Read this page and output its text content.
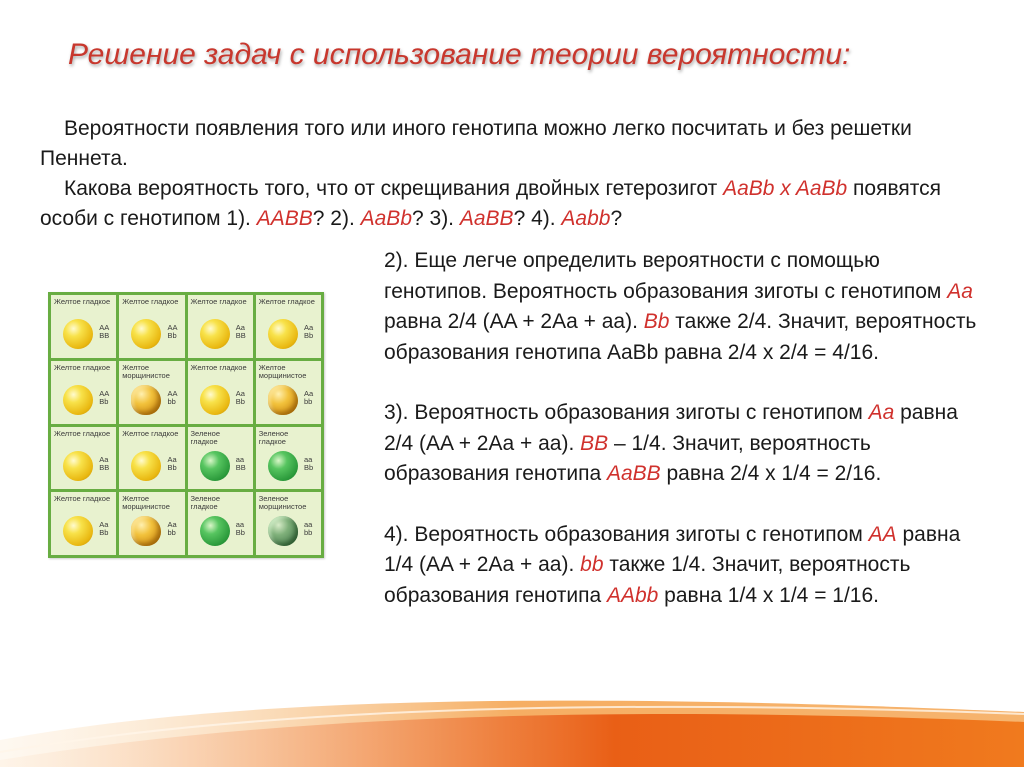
Решение задач с использование теории вероятности:

Вероятности появления того или иного генотипа можно легко посчитать и без решетки Пеннета.

Какова вероятность того, что от скрещивания двойных гетерозигот AaBb x AaBb появятся особи с генотипом 1). AABB? 2). AaBb? 3). AaBB? 4). Aabb?

Желтое гладкое
AA
BB
Желтое гладкое
AA
Bb
Желтое гладкое
Aa
BB
Желтое гладкое
Aa
Bb
Желтое гладкое
AA
Bb
Желтое морщинистое
AA
bb
Желтое гладкое
Aa
Bb
Желтое морщинистое
Aa
bb
Желтое гладкое
Aa
BB
Желтое гладкое
Aa
Bb
Зеленое гладкое
aa
BB
Зеленое гладкое
aa
Bb
Желтое гладкое
Aa
Bb
Желтое морщинистое
Aa
bb
Зеленое гладкое
aa
Bb
Зеленое морщинистое
aa
bb

2). Еще легче определить вероятности с помощью генотипов. Вероятность образования зиготы с генотипом Aa равна 2/4 (AA + 2Aa + aa). Bb также 2/4. Значит, вероятность образования генотипа AaBb равна 2/4 х 2/4 = 4/16.

3). Вероятность образования зиготы с генотипом Aa равна 2/4 (AA + 2Aa + aa). BB – 1/4. Значит, вероятность образования генотипа AaBB равна 2/4 х 1/4 = 2/16.

4). Вероятность образования зиготы с генотипом AA равна 1/4 (AA + 2Aa + aa). bb также 1/4. Значит, вероятность образования генотипа AAbb равна 1/4 х 1/4 = 1/16.
